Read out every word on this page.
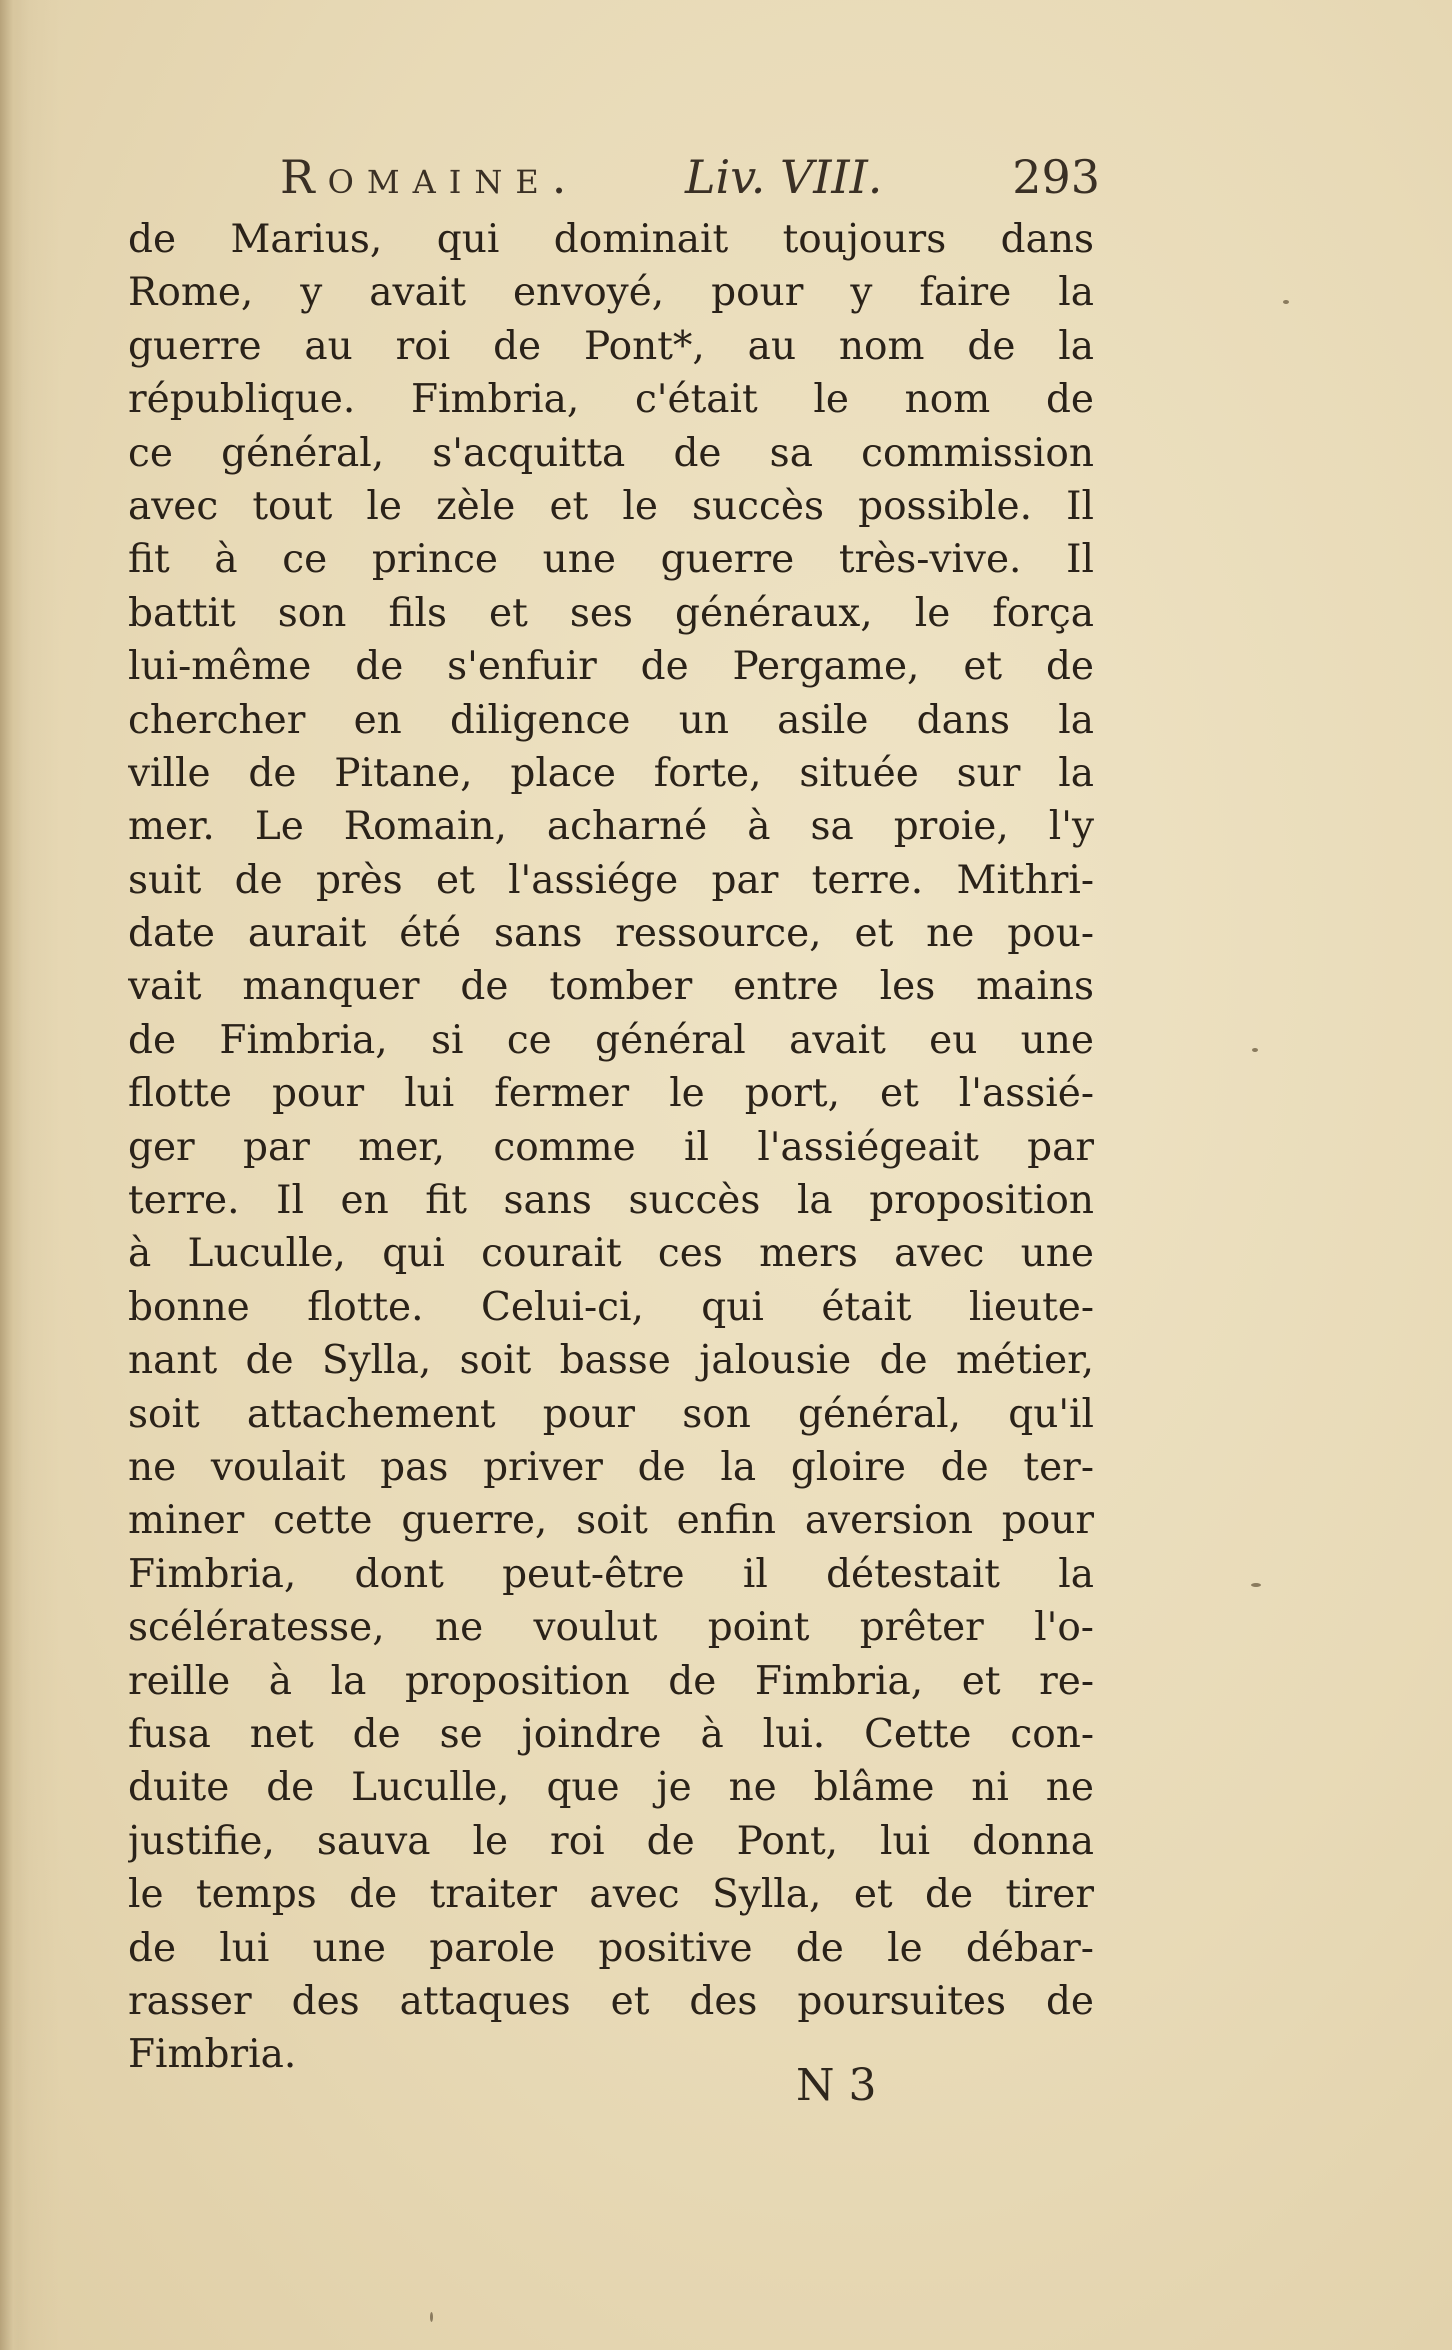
Romaine. Liv. VIII.	293
de Marius, qui dominait toujours dans
Rome, y avait envoyé, pour y faire la
guerre au roi de Pont*, au nom de la
république. Fimbria, c'était le nom de
ce général, s'acquitta de sa commission
avec tout le zèle et le succès possible. Il
fit à ce prince une guerre très-vive. Il
battit son fils et ses généraux, le força
lui-même de s'enfuir de Pergame, et de
chercher en diligence un asile dans la
ville de Pitane, place forte, située sur la
mer. Le Romain, acharné à sa proie, l'y
suit de près et l'assiége par terre. Mithri-
date aurait été sans ressource, et ne pou-
vait manquer de tomber entre les mains
de Fimbria, si ce général avait eu une
flotte pour lui fermer le port, et l'assié-
ger par mer, comme il l'assiégeait par
terre. Il en fit sans succès la proposition
à Luculle, qui courait ces mers avec une
bonne flotte. Celui-ci, qui était lieute-
nant de Sylla, soit basse jalousie de métier,
soit attachement pour son général, qu'il
ne voulait pas priver de la gloire de ter-
miner cette guerre, soit enfin aversion pour
Fimbria, dont peut-être il détestait la
scélératesse, ne voulut point prêter l'o-
reille à la proposition de Fimbria, et re-
fusa net de se joindre à lui. Cette con-
duite de Luculle, que je ne blâme ni ne
justifie, sauva le roi de Pont, lui donna
le temps de traiter avec Sylla, et de tirer
de lui une parole positive de le débar-
rasser des attaques et des poursuites de
Fimbria.
N 3
